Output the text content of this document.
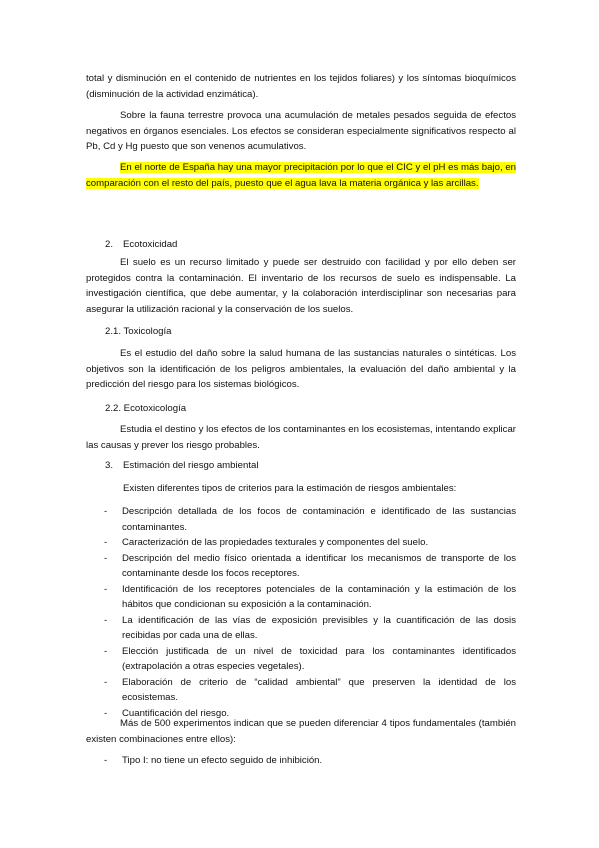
total y disminución en el contenido de nutrientes en los tejidos foliares) y los síntomas bioquímicos (disminución de la actividad enzimática).

Sobre la fauna terrestre provoca una acumulación de metales pesados seguida de efectos negativos en órganos esenciales. Los efectos se consideran especialmente significativos respecto al Pb, Cd y Hg puesto que son venenos acumulativos.

En el norte de España hay una mayor precipitación por lo que el CIC y el pH es más bajo, en comparación con el resto del país, puesto que el agua lava la materia orgánica y las arcillas.

2. Ecotoxicidad

El suelo es un recurso limitado y puede ser destruido con facilidad y por ello deben ser protegidos contra la contaminación. El inventario de los recursos de suelo es indispensable. La investigación científica, que debe aumentar, y la colaboración interdisciplinar son necesarias para asegurar la utilización racional y la conservación de los suelos.

2.1. Toxicología

Es el estudio del daño sobre la salud humana de las sustancias naturales o sintéticas. Los objetivos son la identificación de los peligros ambientales, la evaluación del daño ambiental y la predicción del riesgo para los sistemas biológicos.

2.2. Ecotoxicología

Estudia el destino y los efectos de los contaminantes en los ecosistemas, intentando explicar las causas y prever los riesgo probables.

3. Estimación del riesgo ambiental

Existen diferentes tipos de criterios para la estimación de riesgos ambientales:

- Descripción detallada de los focos de contaminación e identificado de las sustancias contaminantes.
- Caracterización de las propiedades texturales y componentes del suelo.
- Descripción del medio físico orientada a identificar los mecanismos de transporte de los contaminante desde los focos receptores.
- Identificación de los receptores potenciales de la contaminación y la estimación de los hábitos que condicionan su exposición a la contaminación.
- La identificación de las vías de exposición previsibles y la cuantificación de las dosis recibidas por cada una de ellas.
- Elección justificada de un nivel de toxicidad para los contaminantes identificados (extrapolación a otras especies vegetales).
- Elaboración de criterio de “calidad ambiental” que preserven la identidad de los ecosistemas.
- Cuantificación del riesgo.

Más de 500 experimentos indican que se pueden diferenciar 4 tipos fundamentales (también existen combinaciones entre ellos):

- Tipo I: no tiene un efecto seguido de inhibición.
